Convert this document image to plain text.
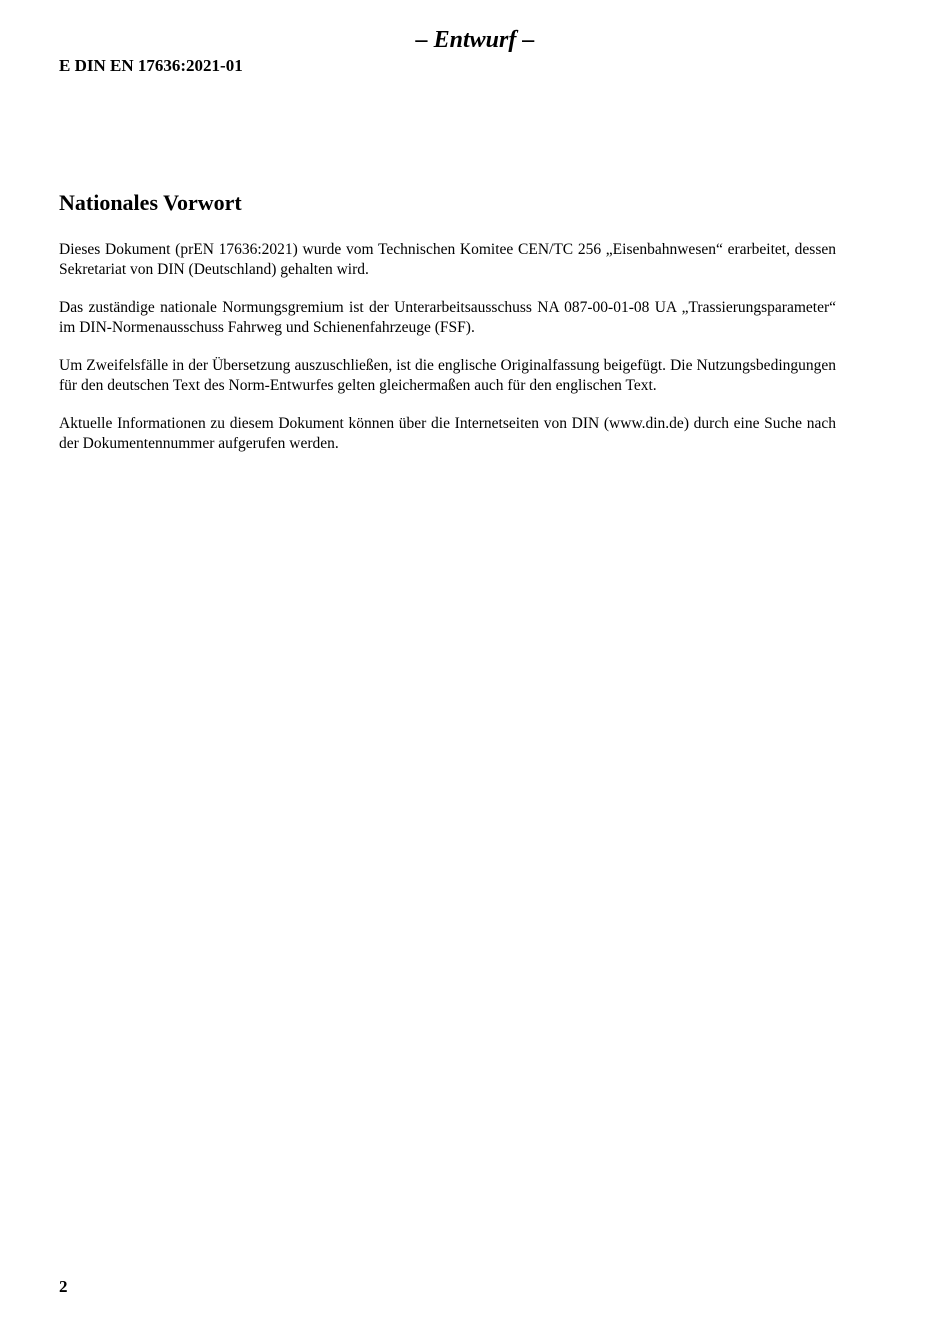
– Entwurf –

E DIN EN 17636:2021-01

Nationales Vorwort

Dieses Dokument (prEN 17636:2021) wurde vom Technischen Komitee CEN/TC 256 „Eisenbahnwesen“ erarbeitet, dessen Sekretariat von DIN (Deutschland) gehalten wird.

Das zuständige nationale Normungsgremium ist der Unterarbeitsausschuss NA 087-00-01-08 UA „Trassierungsparameter“ im DIN-Normenausschuss Fahrweg und Schienenfahrzeuge (FSF).

Um Zweifelsfälle in der Übersetzung auszuschließen, ist die englische Originalfassung beigefügt. Die Nutzungsbedingungen für den deutschen Text des Norm-Entwurfes gelten gleichermaßen auch für den englischen Text.

Aktuelle Informationen zu diesem Dokument können über die Internetseiten von DIN (www.din.de) durch eine Suche nach der Dokumentennummer aufgerufen werden.

2
